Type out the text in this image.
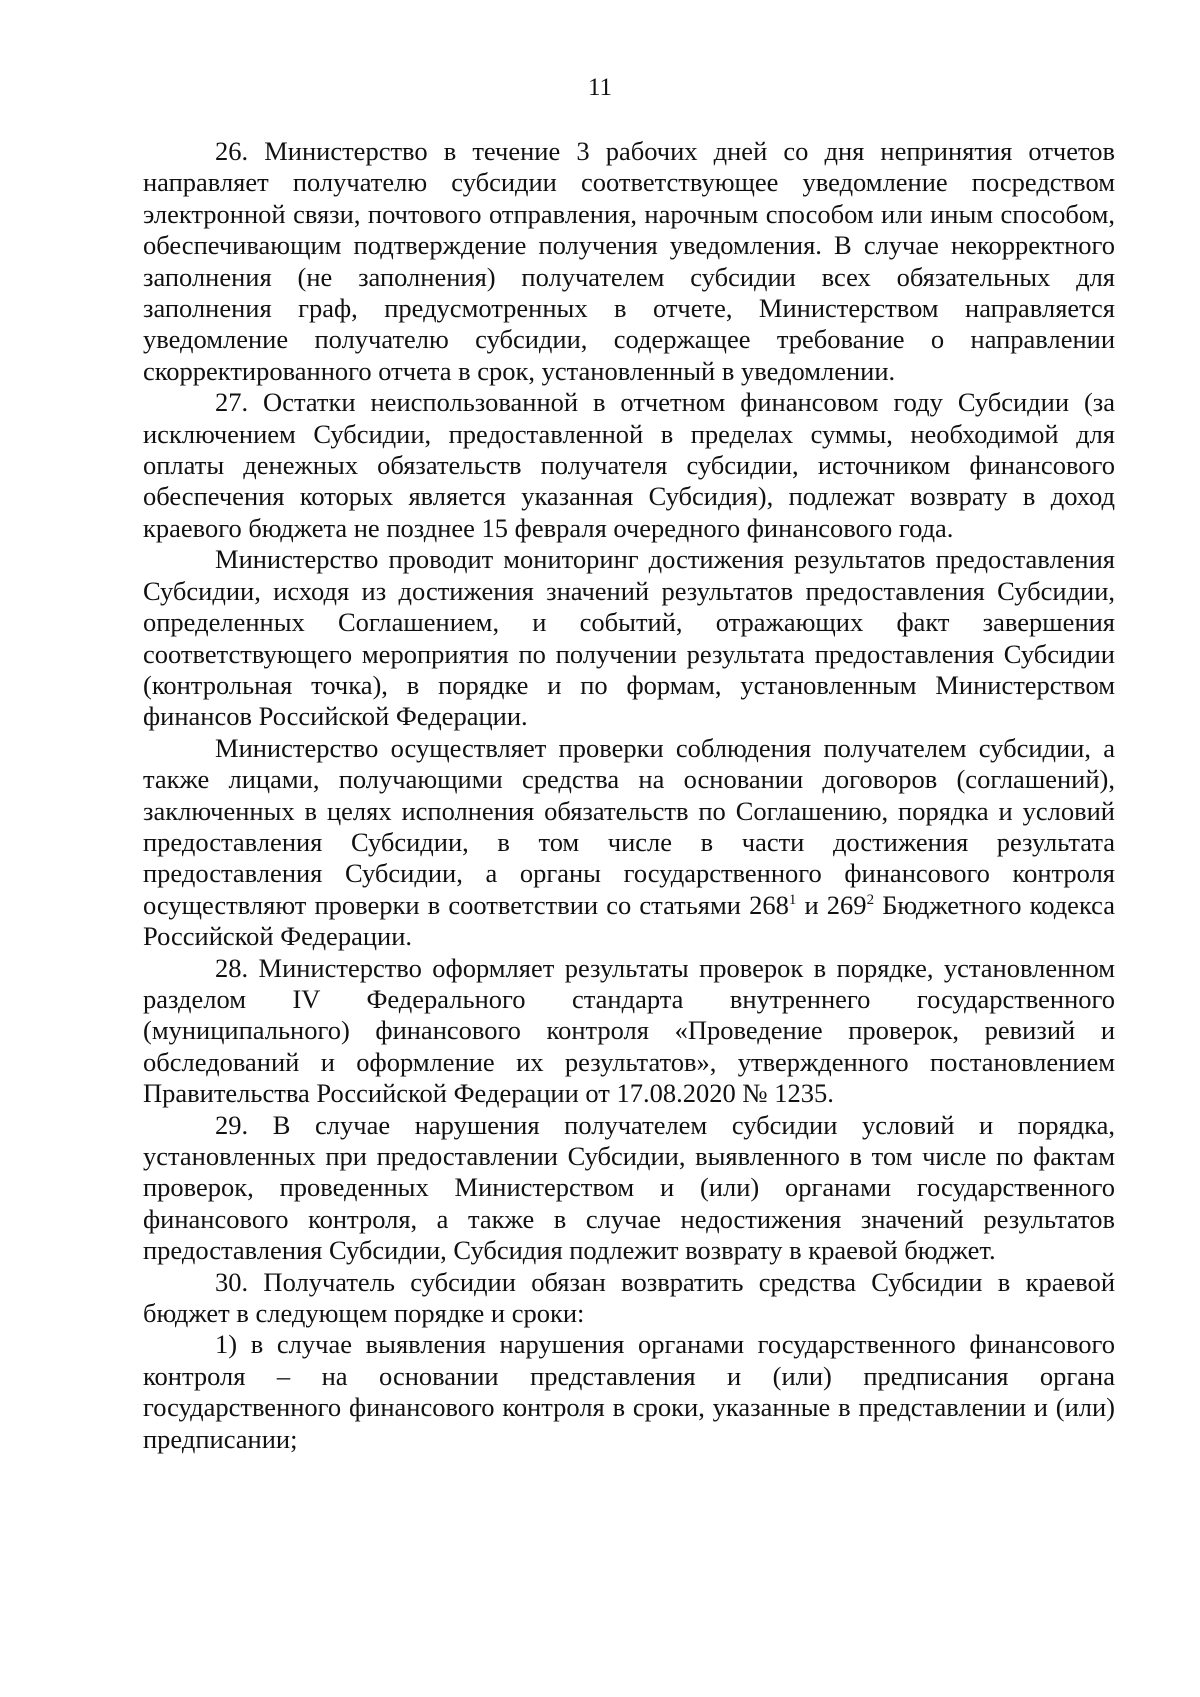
11

26. Министерство в течение 3 рабочих дней со дня непринятия отчетов направляет получателю субсидии соответствующее уведомление посредством электронной связи, почтового отправления, нарочным способом или иным способом, обеспечивающим подтверждение получения уведомления. В случае некорректного заполнения (не заполнения) получателем субсидии всех обязательных для заполнения граф, предусмотренных в отчете, Министерством направляется уведомление получателю субсидии, содержащее требование о направлении скорректированного отчета в срок, установленный в уведомлении.

27. Остатки неиспользованной в отчетном финансовом году Субсидии (за исключением Субсидии, предоставленной в пределах суммы, необходимой для оплаты денежных обязательств получателя субсидии, источником финансового обеспечения которых является указанная Субсидия), подлежат возврату в доход краевого бюджета не позднее 15 февраля очередного финансового года.

Министерство проводит мониторинг достижения результатов предоставления Субсидии, исходя из достижения значений результатов предоставления Субсидии, определенных Соглашением, и событий, отражающих факт завершения соответствующего мероприятия по получении результата предоставления Субсидии (контрольная точка), в порядке и по формам, установленным Министерством финансов Российской Федерации.

Министерство осуществляет проверки соблюдения получателем субсидии, а также лицами, получающими средства на основании договоров (соглашений), заключенных в целях исполнения обязательств по Соглашению, порядка и условий предоставления Субсидии, в том числе в части достижения результата предоставления Субсидии, а органы государственного финансового контроля осуществляют проверки в соответствии со статьями $268^1$ и $269^2$ Бюджетного кодекса Российской Федерации.

28. Министерство оформляет результаты проверок в порядке, установленном разделом IV Федерального стандарта внутреннего государственного (муниципального) финансового контроля «Проведение проверок, ревизий и обследований и оформление их результатов», утвержденного постановлением Правительства Российской Федерации от 17.08.2020 № 1235.

29. В случае нарушения получателем субсидии условий и порядка, установленных при предоставлении Субсидии, выявленного в том числе по фактам проверок, проведенных Министерством и (или) органами государственного финансового контроля, а также в случае недостижения значений результатов предоставления Субсидии, Субсидия подлежит возврату в краевой бюджет.

30. Получатель субсидии обязан возвратить средства Субсидии в краевой бюджет в следующем порядке и сроки:

1) в случае выявления нарушения органами государственного финансового контроля – на основании представления и (или) предписания органа государственного финансового контроля в сроки, указанные в представлении и (или) предписании;
